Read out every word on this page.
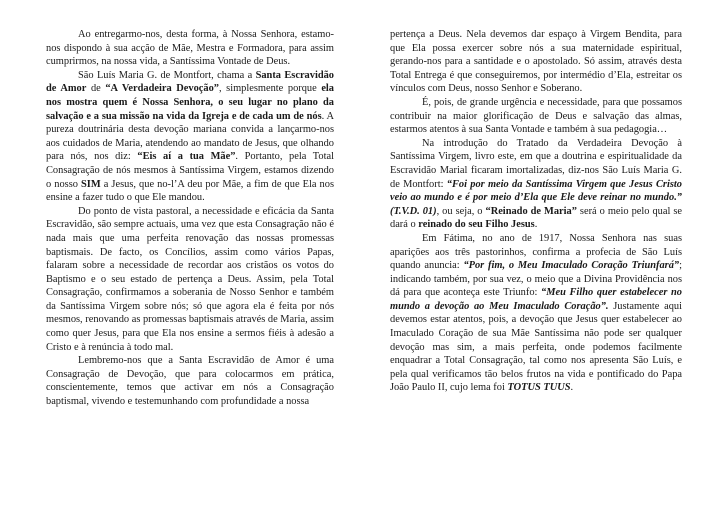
Ao entregarmo-nos, desta forma, à Nossa Senhora, estamo-nos dispondo à sua acção de Mãe, Mestra e Formadora, para assim cumprirmos, na nossa vida, a Santíssima Vontade de Deus.

São Luís Maria G. de Montfort, chama a Santa Escravidão de Amor de “A Verdadeira Devoção”, simplesmente porque ela nos mostra quem é Nossa Senhora, o seu lugar no plano da salvação e a sua missão na vida da Igreja e de cada um de nós. A pureza doutrinária desta devoção mariana convida a lançarmo-nos aos cuidados de Maria, atendendo ao mandato de Jesus, que olhando para nós, nos diz: “Eis aí a tua Mãe”. Portanto, pela Total Consagração de nós mesmos à Santíssima Virgem, estamos dizendo o nosso SIM a Jesus, que no-l’A deu por Mãe, a fim de que Ela nos ensine a fazer tudo o que Ele mandou.

Do ponto de vista pastoral, a necessidade e eficácia da Santa Escravidão, são sempre actuais, uma vez que esta Consagração não é nada mais que uma perfeita renovação das nossas promessas baptismais. De facto, os Concílios, assim como vários Papas, falaram sobre a necessidade de recordar aos cristãos os votos do Baptismo e o seu estado de pertença a Deus. Assim, pela Total Consagração, confirmamos a soberania de Nosso Senhor e também da Santíssima Virgem sobre nós; só que agora ela é feita por nós mesmos, renovando as promessas baptismais através de Maria, assim como quer Jesus, para que Ela nos ensine a sermos fiéis à adesão a Cristo e à renúncia à todo mal.

Lembremo-nos que a Santa Escravidão de Amor é uma Consagração de Devoção, que para colocarmos em prática, conscientemente, temos que activar em nós a Consagração baptismal, vivendo e testemunhando com profundidade a nossa

pertença a Deus. Nela devemos dar espaço à Virgem Bendita, para que Ela possa exercer sobre nós a sua maternidade espiritual, gerando-nos para a santidade e o apostolado. Só assim, através desta Total Entrega é que conseguiremos, por intermédio d’Ela, estreitar os vínculos com Deus, nosso Senhor e Soberano.

É, pois, de grande urgência e necessidade, para que possamos contribuir na maior glorificação de Deus e salvação das almas, estarmos atentos à sua Santa Vontade e também à sua pedagogia…

Na introdução do Tratado da Verdadeira Devoção à Santíssima Virgem, livro este, em que a doutrina e espiritualidade da Escravidão Marial ficaram imortalizadas, diz-nos São Luís Maria G. de Montfort: “Foi por meio da Santíssima Virgem que Jesus Cristo veio ao mundo e é por meio d’Ela que Ele deve reinar no mundo.” (T.V.D. 01), ou seja, o “Reinado de Maria” será o meio pelo qual se dará o reinado do seu Filho Jesus.

Em Fátima, no ano de 1917, Nossa Senhora nas suas aparições aos três pastorinhos, confirma a profecia de São Luís quando anuncia: “Por fim, o Meu Imaculado Coração Triunfará”; indicando também, por sua vez, o meio que a Divina Providência nos dá para que aconteça este Triunfo: “Meu Filho quer estabelecer no mundo a devoção ao Meu Imaculado Coração”. Justamente aqui devemos estar atentos, pois, a devoção que Jesus quer estabelecer ao Imaculado Coração de sua Mãe Santíssima não pode ser qualquer devoção mas sim, a mais perfeita, onde podemos facilmente enquadrar a Total Consagração, tal como nos apresenta São Luís, e pela qual verificamos tão belos frutos na vida e pontificado do Papa João Paulo II, cujo lema foi TOTUS TUUS.
